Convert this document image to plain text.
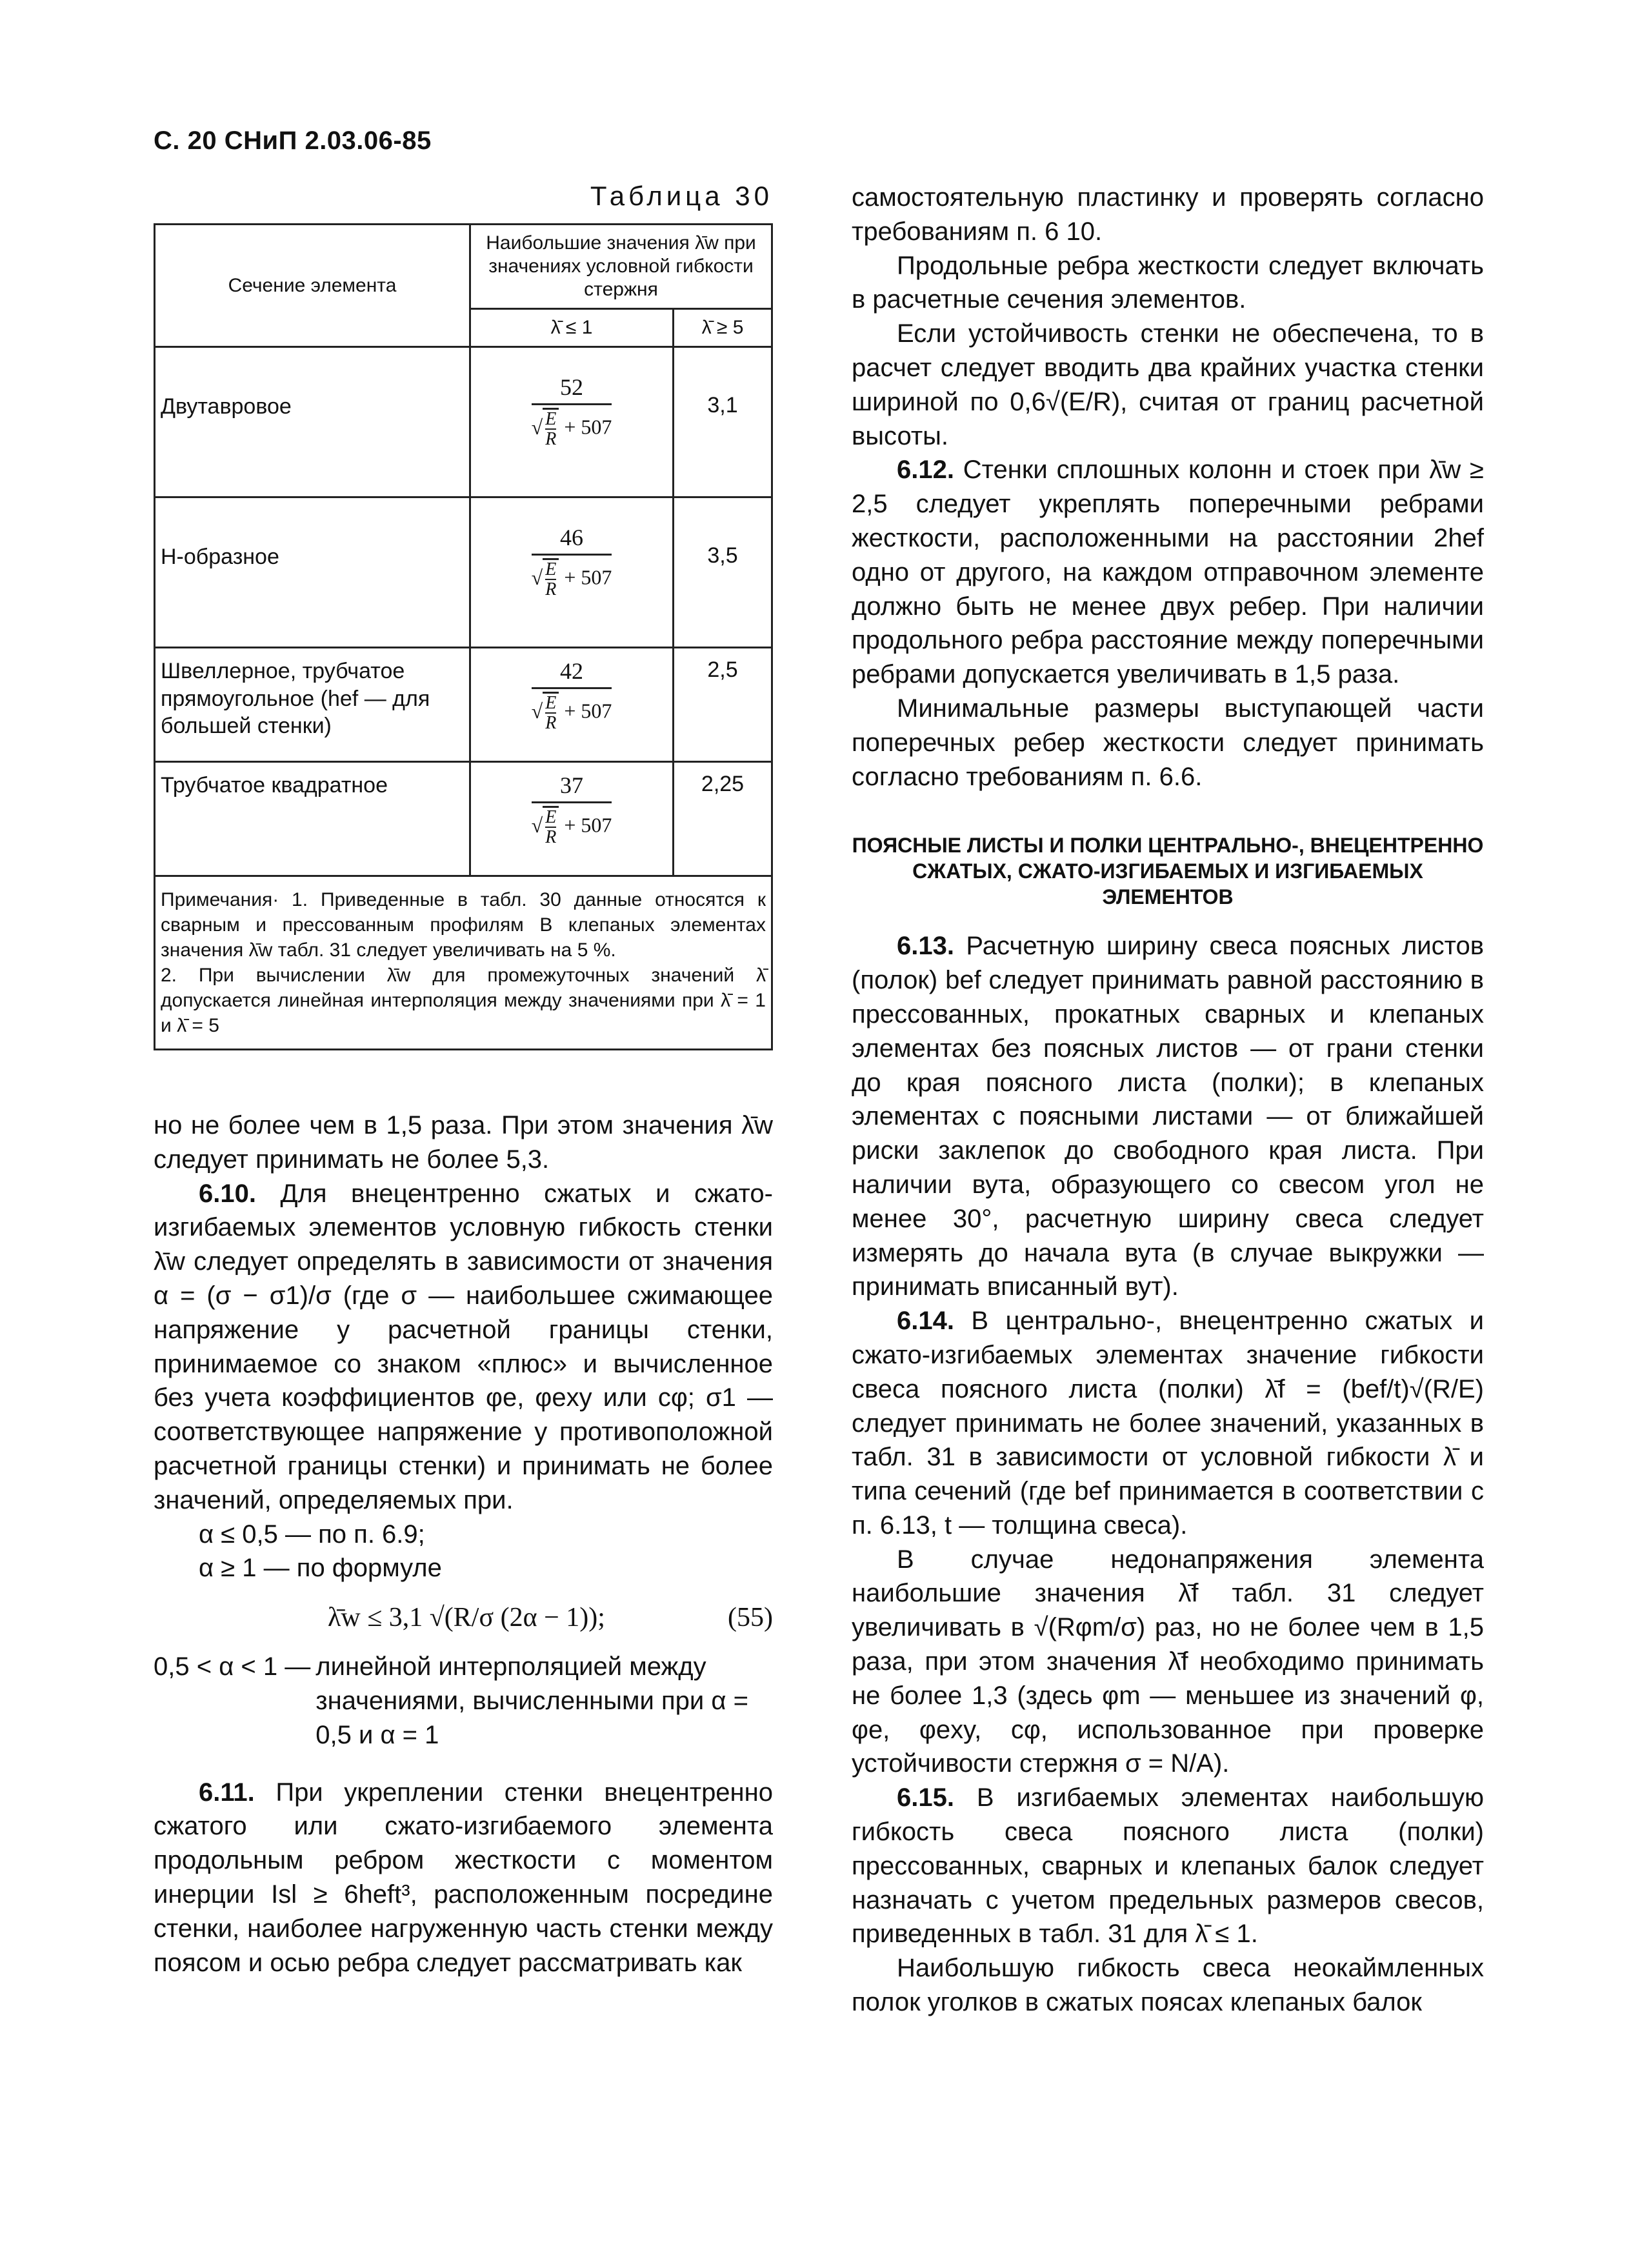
С. 20 СНиП 2.03.06-85
Таблица 30
Сечение элемента	Наибольшие значения λ̄w при значениях условной гибкости стержня	
	λ̄ ≤ 1	λ̄ ≥ 5
Двутавровое	$\frac{52}{√ \frac{E}{R} + 507}$	3,1
Н-образное	$\frac{46}{√ \frac{E}{R} + 507}$	3,5
Швеллерное, трубчатое прямоугольное (hef — для большей стенки)	$\frac{42}{√ \frac{E}{R} + 507}$	2,5
Трубчатое квадратное	$\frac{37}{√ \frac{E}{R} + 507}$	2,25

Примечания· 1. Приведенные в табл. 30 данные относятся к сварным и прессованным профилям В клепаных элементах значения λ̄w табл. 31 следует увеличивать на 5 %.
2. При вычислении λ̄w для промежуточных значений λ̄ допускается линейная интерполяция между значениями при λ̄ = 1 и λ̄ = 5		

но не более чем в 1,5 раза. При этом значения λ̄w следует принимать не более 5,3.

6.10. Для внецентренно сжатых и сжато-изгибаемых элементов условную гибкость стенки λ̄w следует определять в зависимости от значения α = (σ − σ1)/σ (где σ — наибольшее сжимающее напряжение у расчетной границы стенки, принимаемое со знаком «плюс» и вычисленное без учета коэффициентов φe, φexy или cφ; σ1 — соответствующее напряжение у противоположной расчетной границы стенки) и принимать не более значений, определяемых при.

α ≤ 0,5 — по п. 6.9;

α ≥ 1 — по формуле

λ̄w ≤ 3,1 √(R/σ (2α − 1));	(55)
0,5 < α < 1 — линейной интерполяцией между значениями, вычисленными при α = 0,5 и α = 1

6.11. При укреплении стенки внецентренно сжатого или сжато-изгибаемого элемента продольным ребром жесткости с моментом инерции Isl ≥ 6heft³, расположенным посредине стенки, наиболее нагруженную часть стенки между поясом и осью ребра следует рассматривать как

самостоятельную пластинку и проверять согласно требованиям п. 6 10.

Продольные ребра жесткости следует включать в расчетные сечения элементов.

Если устойчивость стенки не обеспечена, то в расчет следует вводить два крайних участка стенки шириной по 0,6√(E/R), считая от границ расчетной высоты.

6.12. Стенки сплошных колонн и стоек при λ̄w ≥ 2,5 следует укреплять поперечными ребрами жесткости, расположенными на расстоянии 2hef одно от другого, на каждом отправочном элементе должно быть не менее двух ребер. При наличии продольного ребра расстояние между поперечными ребрами допускается увеличивать в 1,5 раза.

Минимальные размеры выступающей части поперечных ребер жесткости следует принимать согласно требованиям п. 6.6.

ПОЯСНЫЕ ЛИСТЫ И ПОЛКИ ЦЕНТРАЛЬНО-, ВНЕЦЕНТРЕННО СЖАТЫХ, СЖАТО-ИЗГИБАЕМЫХ И ИЗГИБАЕМЫХ ЭЛЕМЕНТОВ

6.13. Расчетную ширину свеса поясных листов (полок) bef следует принимать равной расстоянию в прессованных, прокатных сварных и клепаных элементах без поясных листов — от грани стенки до края поясного листа (полки); в клепаных элементах с поясными листами — от ближайшей риски заклепок до свободного края листа. При наличии вута, образующего со свесом угол не менее 30°, расчетную ширину свеса следует измерять до начала вута (в случае выкружки — принимать вписанный вут).

6.14. В центрально-, внецентренно сжатых и сжато-изгибаемых элементах значение гибкости свеса поясного листа (полки) λ̄f = (bef/t)√(R/E) следует принимать не более значений, указанных в табл. 31 в зависимости от условной гибкости λ̄ и типа сечений (где bef принимается в соответствии с п. 6.13, t — толщина свеса).

В случае недонапряжения элемента наибольшие значения λ̄f табл. 31 следует увеличивать в √(Rφm/σ) раз, но не более чем в 1,5 раза, при этом значения λ̄f необходимо принимать не более 1,3 (здесь φm — меньшее из значений φ, φe, φexy, cφ, использованное при проверке устойчивости стержня σ = N/A).

6.15. В изгибаемых элементах наибольшую гибкость свеса поясного листа (полки) прессованных, сварных и клепаных балок следует назначать с учетом предельных размеров свесов, приведенных в табл. 31 для λ̄ ≤ 1.

Наибольшую гибкость свеса неокаймленных полок уголков в сжатых поясах клепаных балок
